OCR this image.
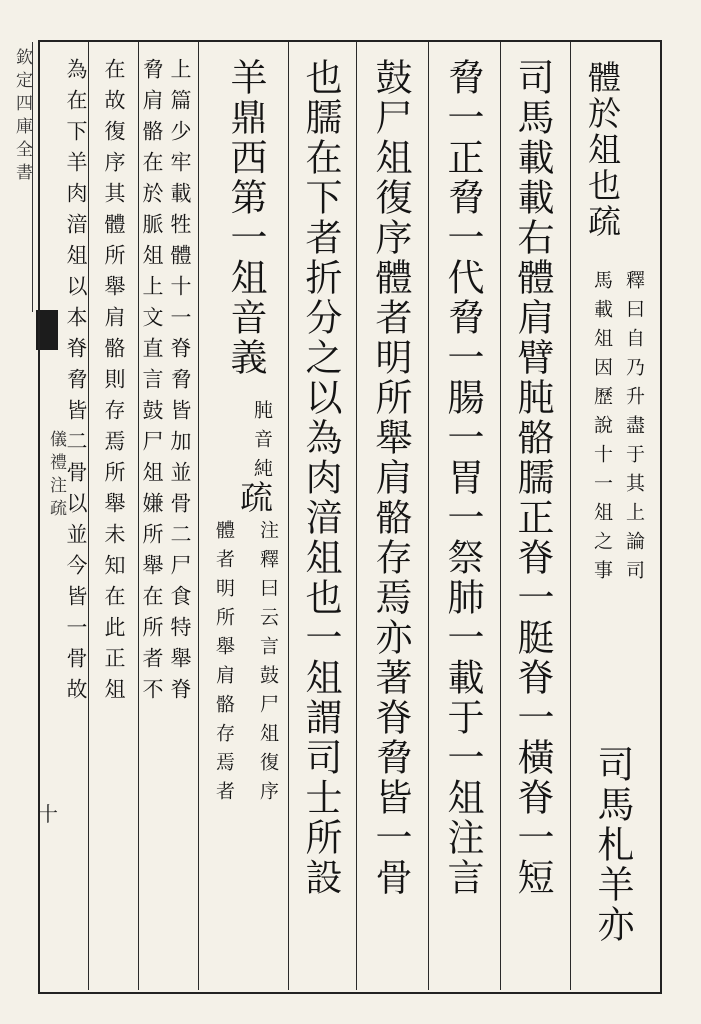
欽定四庫全書
儀禮注疏
十
體於俎也疏
釋曰自乃升盡于其上論司
馬載俎因歷說十一俎之事
司馬札羊亦
司馬載載右體肩臂肫骼臑正脊一脡脊一橫脊一短
脅一正脅一代脅一腸一胃一祭肺一載于一俎注言
鼓尸俎復序體者明所舉肩骼存焉亦著脊脅皆一骨
也臑在下者折分之以為肉湆俎也一俎謂司士所設
羊鼎西第一俎音義
肫音純
疏
注釋曰云言鼓尸俎復序
體者明所舉肩骼存焉者
上篇少牢載牲體十一脊脅皆加並骨二尸食特舉脊
脅肩骼在於脈俎上文直言鼓尸俎嫌所舉在所者不
在故復序其體所舉肩骼則存焉所舉未知在此正俎
為在下羊肉湆俎以本脊脅皆二骨以並今皆一骨故
